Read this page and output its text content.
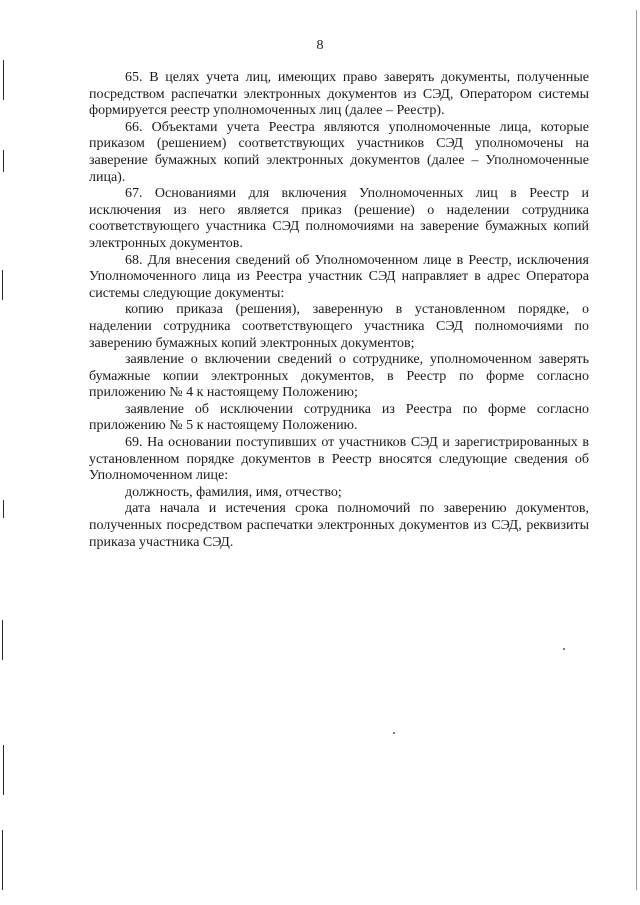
8

65. В целях учета лиц, имеющих право заверять документы, полученные посредством распечатки электронных документов из СЭД, Оператором системы формируется реестр уполномоченных лиц (далее – Реестр).

66. Объектами учета Реестра являются уполномоченные лица, которые приказом (решением) соответствующих участников СЭД уполномочены на заверение бумажных копий электронных документов (далее – Уполномоченные лица).

67. Основаниями для включения Уполномоченных лиц в Реестр и исключения из него является приказ (решение) о наделении сотрудника соответствующего участника СЭД полномочиями на заверение бумажных копий электронных документов.

68. Для внесения сведений об Уполномоченном лице в Реестр, исключения Уполномоченного лица из Реестра участник СЭД направляет в адрес Оператора системы следующие документы:

копию приказа (решения), заверенную в установленном порядке, о наделении сотрудника соответствующего участника СЭД полномочиями по заверению бумажных копий электронных документов;

заявление о включении сведений о сотруднике, уполномоченном заверять бумажные копии электронных документов, в Реестр по форме согласно приложению № 4 к настоящему Положению;

заявление об исключении сотрудника из Реестра по форме согласно приложению № 5 к настоящему Положению.

69. На основании поступивших от участников СЭД и зарегистрированных в установленном порядке документов в Реестр вносятся следующие сведения об Уполномоченном лице:

должность, фамилия, имя, отчество;

дата начала и истечения срока полномочий по заверению документов, полученных посредством распечатки электронных документов из СЭД, реквизиты приказа участника СЭД.
